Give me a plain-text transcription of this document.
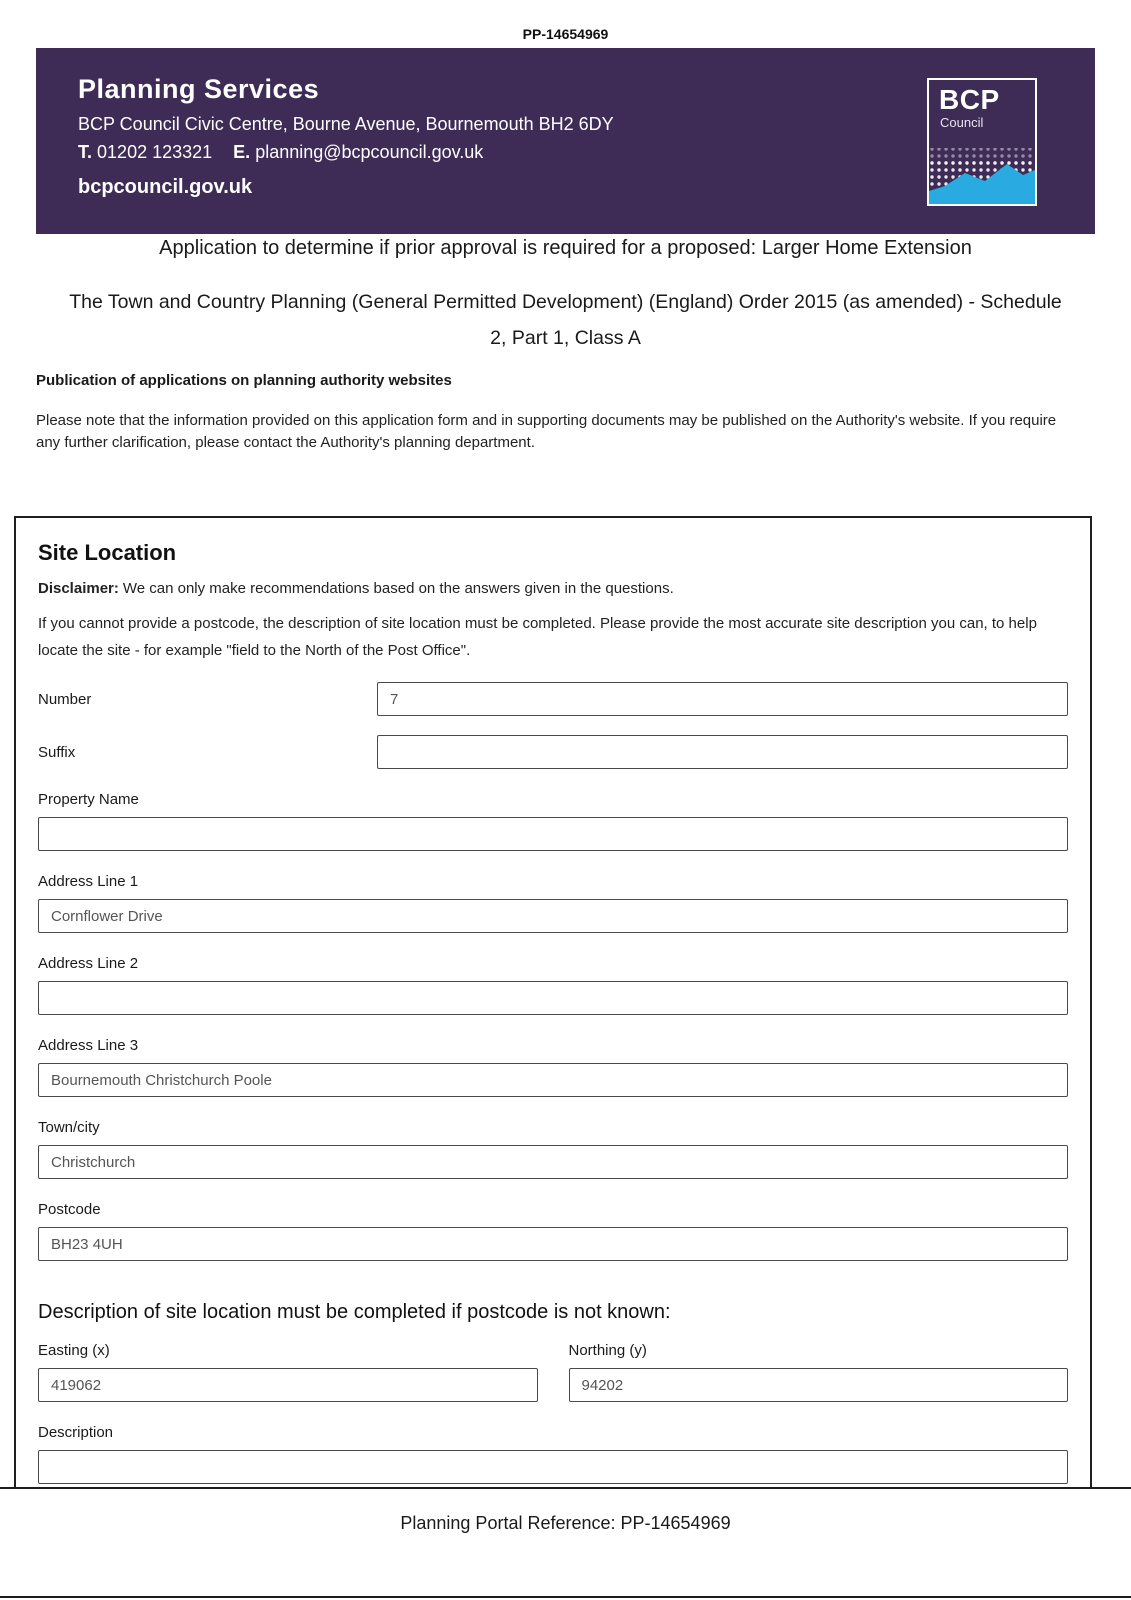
PP-14654969
Planning Services
BCP Council Civic Centre, Bourne Avenue, Bournemouth BH2 6DY
T. 01202 123321 E. planning@bcpcouncil.gov.uk
bcpcouncil.gov.uk
BCP
Council
Application to determine if prior approval is required for a proposed: Larger Home Extension
The Town and Country Planning (General Permitted Development) (England) Order 2015 (as amended) - Schedule 2, Part 1, Class A
Publication of applications on planning authority websites

Please note that the information provided on this application form and in supporting documents may be published on the Authority's website. If you require any further clarification, please contact the Authority's planning department.

Site Location

Disclaimer: We can only make recommendations based on the answers given in the questions.

If you cannot provide a postcode, the description of site location must be completed. Please provide the most accurate site description you can, to help locate the site - for example "field to the North of the Post Office".

Number
7
Suffix
Property Name
Address Line 1
Cornflower Drive
Address Line 2
Address Line 3
Bournemouth Christchurch Poole
Town/city
Christchurch
Postcode
BH23 4UH
Description of site location must be completed if postcode is not known:
Easting (x)
419062	Northing (y)
94202
Description
Planning Portal Reference: PP-14654969
